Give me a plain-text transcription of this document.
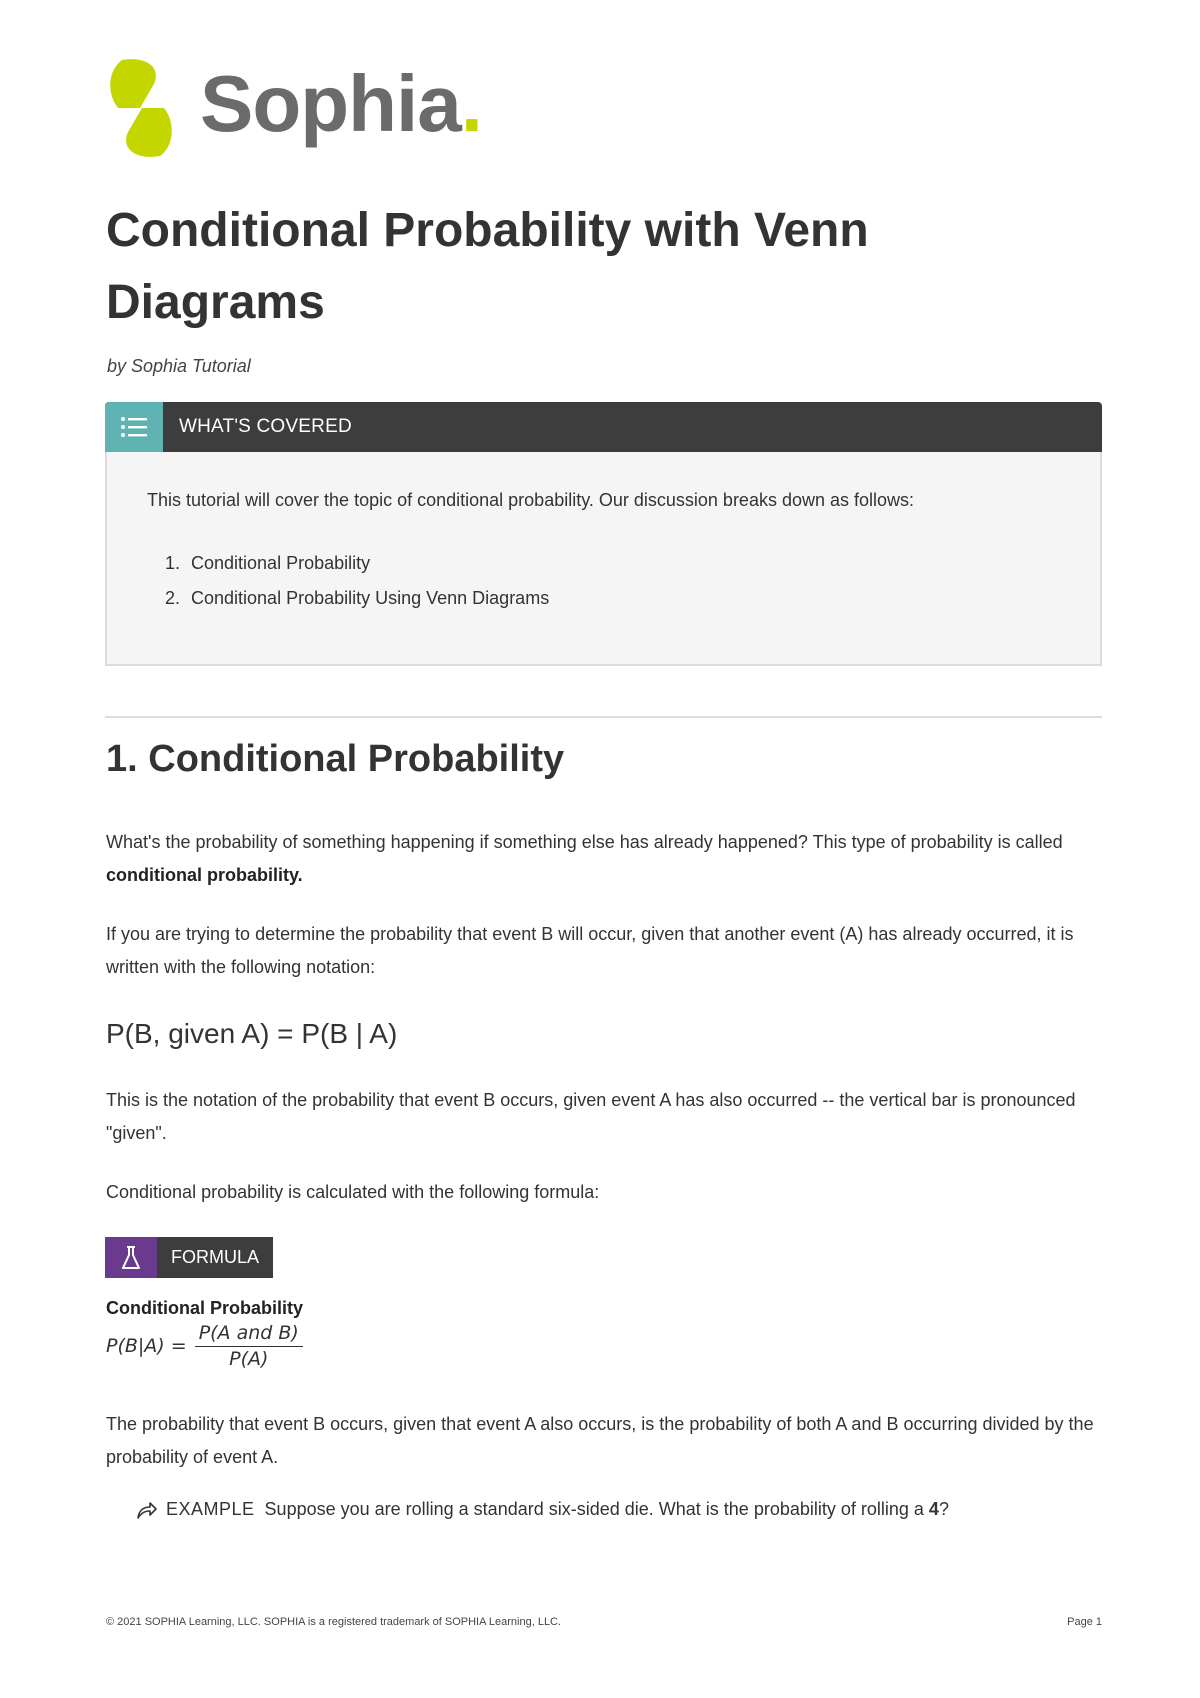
Sophia.
Conditional Probability with Venn Diagrams
by Sophia Tutorial
WHAT'S COVERED

This tutorial will cover the topic of conditional probability. Our discussion breaks down as follows:

1. Conditional Probability
2. Conditional Probability Using Venn Diagrams
1. Conditional Probability

What's the probability of something happening if something else has already happened? This type of probability is called conditional probability.

If you are trying to determine the probability that event B will occur, given that another event (A) has already occurred, it is written with the following notation:

P(B, given A) = P(B | A)

This is the notation of the probability that event B occurs, given event A has also occurred -- the vertical bar is pronounced "given".

Conditional probability is calculated with the following formula:

FORMULA
Conditional Probability
$P(B|A) = \frac{\text{P(A and B)}}{P(A)}$

The probability that event B occurs, given that event A also occurs, is the probability of both A and B occurring divided by the probability of event A.

EXAMPLE Suppose you are rolling a standard six-sided die. What is the probability of rolling a 4?
© 2021 SOPHIA Learning, LLC. SOPHIA is a registered trademark of SOPHIA Learning, LLC.	Page 1
